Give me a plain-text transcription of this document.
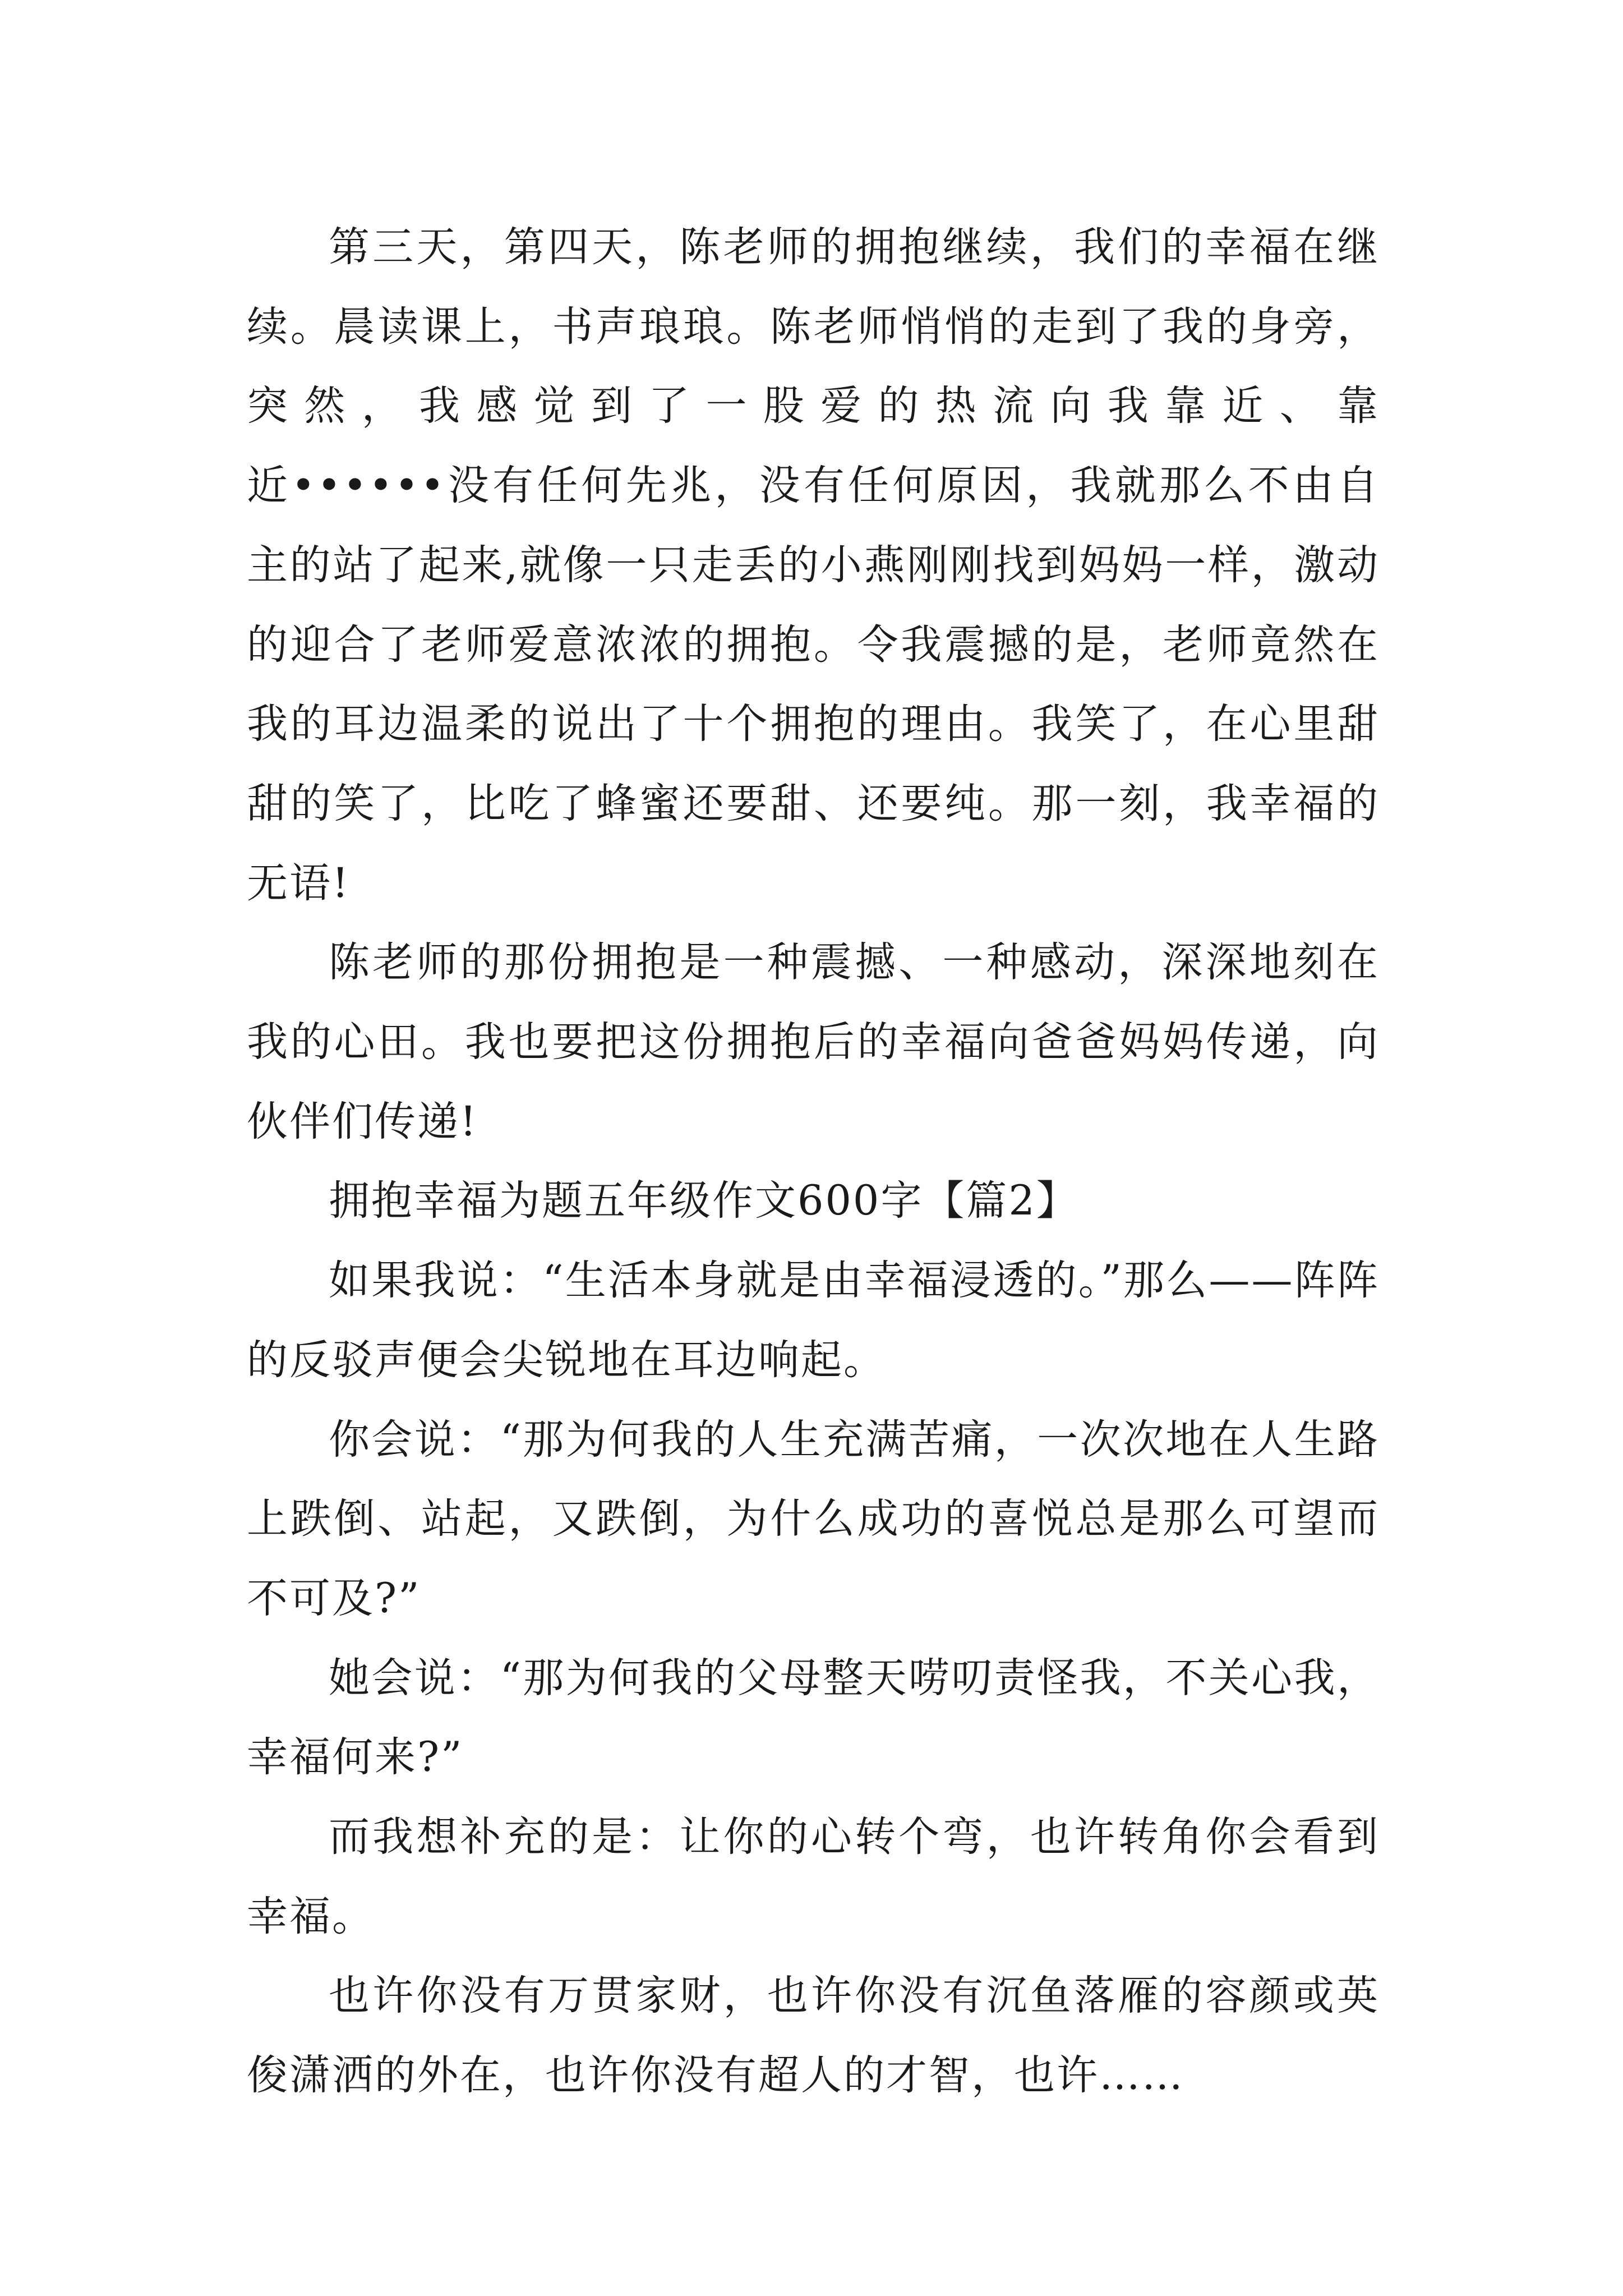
第三天，第四天，陈老师的拥抱继续，我们的幸福在继续。晨读课上，书声琅琅。陈老师悄悄的走到了我的身旁，突 然 ， 我 感 觉 到 了 一 股 爱 的 热 流 向 我 靠 近 、 靠 近••••••没有任何先兆，没有任何原因，我就那么不由自主的站了起来,就像一只走丢的小燕刚刚找到妈妈一样，激动的迎合了老师爱意浓浓的拥抱。令我震撼的是，老师竟然在我的耳边温柔的说出了十个拥抱的理由。我笑了，在心里甜甜的笑了，比吃了蜂蜜还要甜、还要纯。那一刻，我幸福的无语!

陈老师的那份拥抱是一种震撼、一种感动，深深地刻在我的心田。我也要把这份拥抱后的幸福向爸爸妈妈传递，向伙伴们传递!

拥抱幸福为题五年级作文600字【篇2】

如果我说：“生活本身就是由幸福浸透的。”那么——阵阵的反驳声便会尖锐地在耳边响起。

你会说：“那为何我的人生充满苦痛，一次次地在人生路上跌倒、站起，又跌倒，为什么成功的喜悦总是那么可望而不可及?”

她会说：“那为何我的父母整天唠叨责怪我，不关心我，幸福何来?”

而我想补充的是：让你的心转个弯，也许转角你会看到幸福。

也许你没有万贯家财，也许你没有沉鱼落雁的容颜或英俊潇洒的外在，也许你没有超人的才智，也许……
